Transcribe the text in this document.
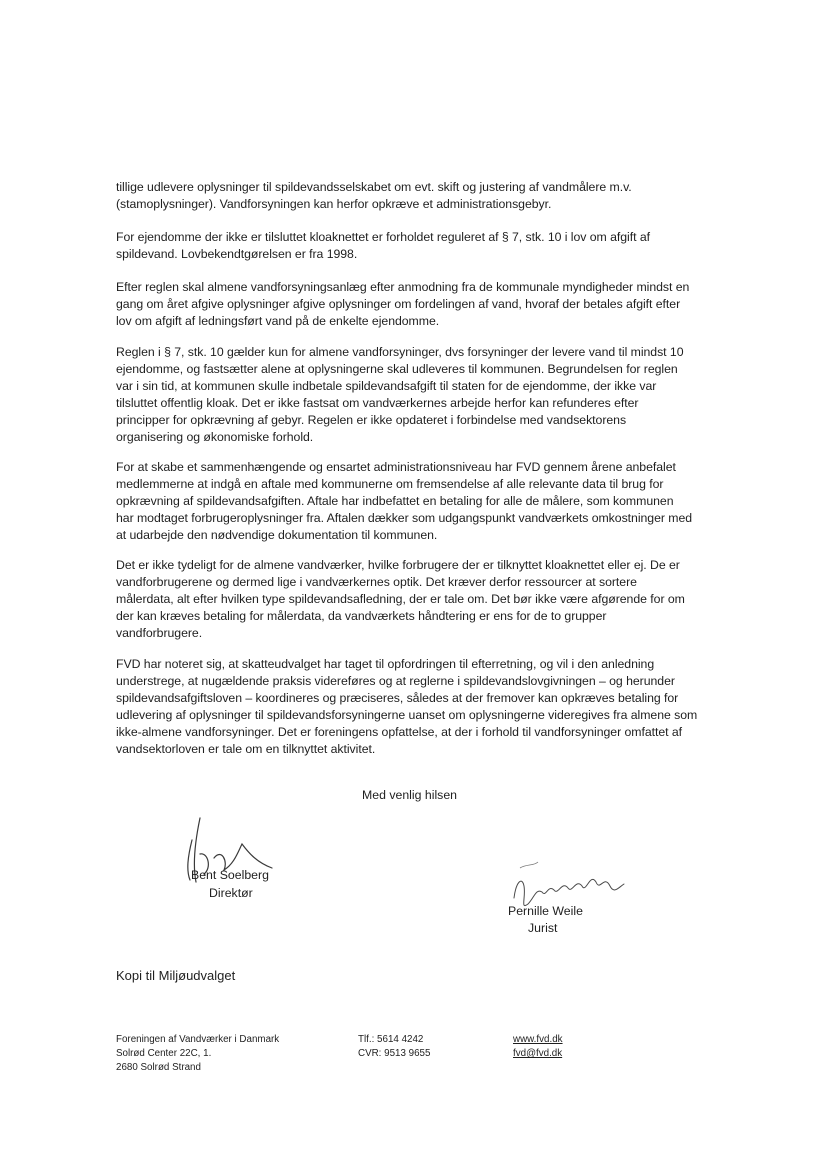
tillige udlevere oplysninger til spildevandsselskabet om evt. skift og justering af vandmålere m.v.
(stamoplysninger). Vandforsyningen kan herfor opkræve et administrationsgebyr.

For ejendomme der ikke er tilsluttet kloaknettet er forholdet reguleret af § 7, stk. 10 i lov om afgift af
spildevand. Lovbekendtgørelsen er fra 1998.

Efter reglen skal almene vandforsyningsanlæg efter anmodning fra de kommunale myndigheder mindst en
gang om året afgive oplysninger afgive oplysninger om fordelingen af vand, hvoraf der betales afgift efter
lov om afgift af ledningsført vand på de enkelte ejendomme.

Reglen i § 7, stk. 10 gælder kun for almene vandforsyninger, dvs forsyninger der levere vand til mindst 10
ejendomme, og fastsætter alene at oplysningerne skal udleveres til kommunen. Begrundelsen for reglen
var i sin tid, at kommunen skulle indbetale spildevandsafgift til staten for de ejendomme, der ikke var
tilsluttet offentlig kloak. Det er ikke fastsat om vandværkernes arbejde herfor kan refunderes efter
principper for opkrævning af gebyr. Regelen er ikke opdateret i forbindelse med vandsektorens
organisering og økonomiske forhold.

For at skabe et sammenhængende og ensartet administrationsniveau har FVD gennem årene anbefalet
medlemmerne at indgå en aftale med kommunerne om fremsendelse af alle relevante data til brug for
opkrævning af spildevandsafgiften. Aftale har indbefattet en betaling for alle de målere, som kommunen
har modtaget forbrugeroplysninger fra. Aftalen dækker som udgangspunkt vandværkets omkostninger med
at udarbejde den nødvendige dokumentation til kommunen.

Det er ikke tydeligt for de almene vandværker, hvilke forbrugere der er tilknyttet kloaknettet eller ej. De er
vandforbrugerene og dermed lige i vandværkernes optik. Det kræver derfor ressourcer at sortere
målerdata, alt efter hvilken type spildevandsafledning, der er tale om. Det bør ikke være afgørende for om
der kan kræves betaling for målerdata, da vandværkets håndtering er ens for de to grupper
vandforbrugere.

FVD har noteret sig, at skatteudvalget har taget til opfordringen til efterretning, og vil i den anledning
understrege, at nugældende praksis videreføres og at reglerne i spildevandslovgivningen – og herunder
spildevandsafgiftsloven – koordineres og præciseres, således at der fremover kan opkræves betaling for
udlevering af oplysninger til spildevandsforsyningerne uanset om oplysningerne videregives fra almene som
ikke-almene vandforsyninger. Det er foreningens opfattelse, at der i forhold til vandforsyninger omfattet af
vandsektorloven er tale om en tilknyttet aktivitet.

Med venlig hilsen
Bent Soelberg
Direktør
Pernille Weile
Jurist
Kopi til Miljøudvalget
Foreningen af Vandværker i Danmark
Solrød Center 22C, 1.
2680 Solrød Strand
Tlf.: 5614 4242
CVR: 9513 9655
www.fvd.dk
fvd@fvd.dk
